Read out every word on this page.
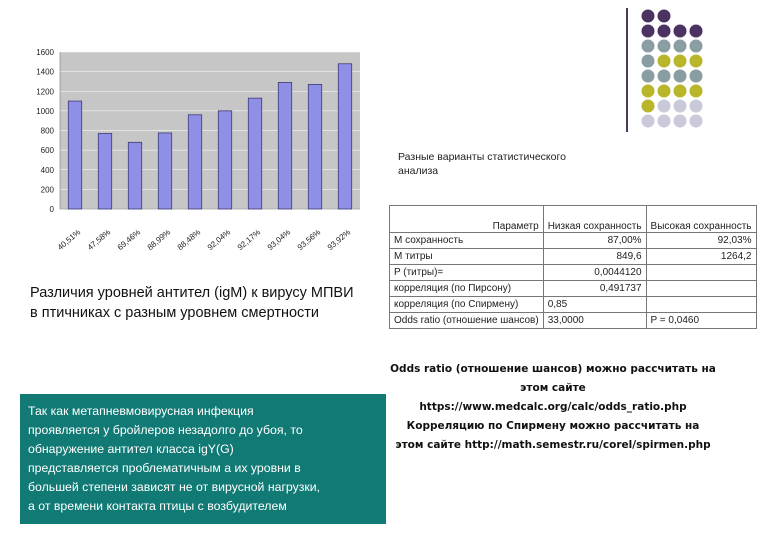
0
200
400
600
800
1000
1200
1400
1600
40,51% 47,58% 69,46% 88,99% 88,48% 92,04% 92,17% 93,04% 93,56% 93,92%
Различия уровней антител (igM) к вирусу МПВИ
в птичниках с разным уровнем смертности
Разные варианты статистического
анализа
Параметр	Низкая сохранность	Высокая сохранность
М сохранность	87,00%	92,03%
М титры	849,6	1264,2
P (титры)=	0,0044120	
корреляция (по Пирсону)	0,491737	
корреляция (по Спирмену)	0,85	
Odds ratio (отношение шансов)	33,0000	P = 0,0460
Odds ratio (отношение шансов) можно рассчитать на
этом сайте
https://www.medcalc.org/calc/odds_ratio.php
Корреляцию по Спирмену можно рассчитать на
этом сайте http://math.semestr.ru/corel/spirmen.php
Так как метапневмовирусная инфекция
проявляется у бройлеров незадолго до убоя, то
обнаружение антител класса igY(G)
представляется проблематичным а их уровни в
большей степени зависят не от вирусной нагрузки,
а от времени контакта птицы с возбудителем
